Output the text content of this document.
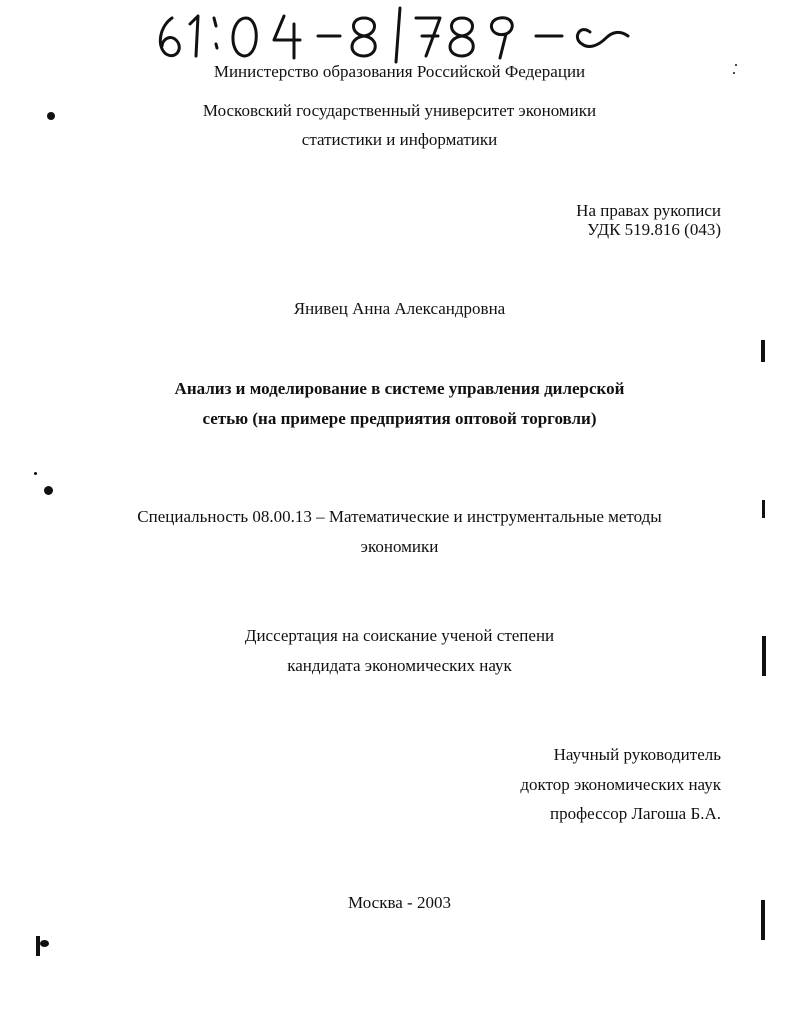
Министерство образования Российской Федерации
Московский государственный университет экономики
статистики и информатики
На правах рукописи
УДК 519.816 (043)
Янивец Анна Александровна
Анализ и моделирование в системе управления дилерской
сетью (на примере предприятия оптовой торговли)
Специальность 08.00.13 – Математические и инструментальные методы
экономики
Диссертация на соискание ученой степени
кандидата экономических наук
Научный руководитель
доктор экономических наук
профессор Лагоша Б.А.
Москва - 2003
